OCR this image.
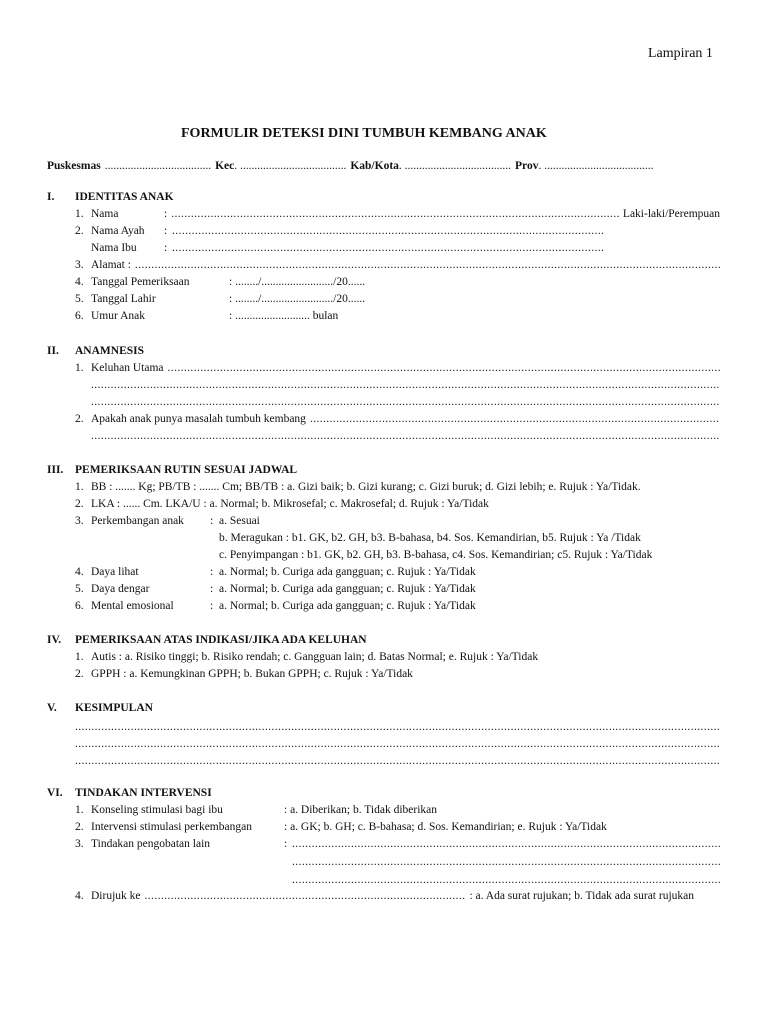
Lampiran 1
FORMULIR DETEKSI DINI TUMBUH KEMBANG ANAK
Puskesmas ..................................... Kec . ..................................... Kab/Kota . ..................................... Prov . ......................................
I. IDENTITAS ANAK
1. Nama	: .....	Laki-laki/Perempuan
2. Nama Ayah :
.....
Nama Ibu :
.....
3. Alamat :
.....
4. Tanggal Pemeriksaan	: ......../........................./20......
5. Tanggal Lahir	: ......../........................./20......
6. Umur Anak	: .......................... bulan
II. ANAMNESIS
1. Keluhan Utama
.....
.....
.....
2. Apakah anak punya masalah tumbuh kembang
.....
.....
III. PEMERIKSAAN RUTIN SESUAI JADWAL
1. BB : ....... Kg; PB/TB : ....... Cm; BB/TB : a. Gizi baik; b. Gizi kurang; c. Gizi buruk; d. Gizi lebih; e. Rujuk : Ya/Tidak.
2. LKA : ...... Cm. LKA/U : a. Normal; b. Mikrosefal; c. Makrosefal; d. Rujuk : Ya/Tidak
3. Perkembangan anak : a. Sesuai
b. Meragukan : b1. GK, b2. GH, b3. B-bahasa, b4. Sos. Kemandirian, b5. Rujuk : Ya /Tidak
c. Penyimpangan : b1. GK, b2. GH, b3. B-bahasa, c4. Sos. Kemandirian; c5. Rujuk : Ya/Tidak
4. Daya lihat	: a. Normal; b. Curiga ada gangguan; c. Rujuk : Ya/Tidak
5. Daya dengar	: a. Normal; b. Curiga ada gangguan; c. Rujuk : Ya/Tidak
6. Mental emosional	: a. Normal; b. Curiga ada gangguan; c. Rujuk : Ya/Tidak
IV. PEMERIKSAAN ATAS INDIKASI/JIKA ADA KELUHAN
1. Autis : a. Risiko tinggi; b. Risiko rendah; c. Gangguan lain; d. Batas Normal; e. Rujuk : Ya/Tidak
2. GPPH : a. Kemungkinan GPPH; b. Bukan GPPH; c. Rujuk : Ya/Tidak
V. KESIMPULAN
.....
.....
.....
VI. TINDAKAN INTERVENSI
1. Konseling stimulasi bagi ibu	: a. Diberikan; b. Tidak diberikan
2. Intervensi stimulasi perkembangan	: a. GK; b. GH; c. B-bahasa; d. Sos. Kemandirian; e. Rujuk : Ya/Tidak
3. Tindakan pengobatan lain	:
.....
.....
.....
4. Dirujuk ke .....	: a. Ada surat rujukan; b. Tidak ada surat rujukan
